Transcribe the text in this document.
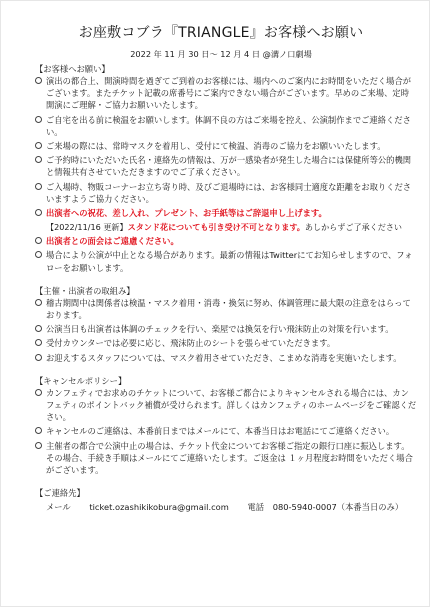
お座敷コブラ『TRIANGLE』お客様へお願い
2022 年 11 月 30 日～ 12 月 4 日 @溝ノ口劇場
【お客様へお願い】
演出の都合上、開演時間を過ぎてご到着のお客様には、場内へのご案内にお時間をいただく場合がございます。またチケット記載の席番号にご案内できない場合がございます。早めのご来場、定時開演にご理解・ご協力お願いいたします。
ご自宅を出る前に検温をお願いします。体調不良の方はご来場を控え、公演制作までご連絡ください。
ご来場の際には、常時マスクを着用し、受付にて検温、消毒のご協力をお願いいたします。
ご予約時にいただいた氏名・連絡先の情報は、万が一感染者が発生した場合には保健所等公的機関と情報共有させていただきますのでご了承ください。
ご入場時、物販コーナーお立ち寄り時、及びご退場時には、お客様同士適度な距離をお取りくださいますようご協力ください。
出演者への祝花、差し入れ、プレゼント、お手紙等はご辞退申し上げます。
【2022/11/16 更新】スタンド花についても引き受け不可となります。あしからずご了承ください
出演者との面会はご遠慮ください。
場合により公演が中止となる場合があります。最新の情報はTwitterにてお知らせしますので、フォローをお願いします。
【主催・出演者の取組み】
稽古期間中は関係者は検温・マスク着用・消毒・換気に努め、体調管理に最大限の注意をはらっております。
公演当日も出演者は体調のチェックを行い、楽屋では換気を行い飛沫防止の対策を行います。
受付カウンターでは必要に応じ、飛沫防止のシートを張らせていただきます。
お迎えするスタッフについては、マスク着用させていただき、こまめな消毒を実施いたします。
【キャンセルポリシー】
カンフェティでお求めのチケットについて、お客様ご都合によりキャンセルされる場合には、カンフェティのポイントバック補償が受けられます。詳しくはカンフェティのホームページをご確認ください。
キャンセルのご連絡は、本番前日まではメールにて、本番当日はお電話にてご連絡ください。
主催者の都合で公演中止の場合は、チケット代金についてお客様ご指定の銀行口座に振込します。その場合、手続き手順はメールにてご連絡いたします。ご返金は １ヶ月程度お時間をいただく場合がございます。
【ご連絡先】
メール ticket.ozashikikobura@gmail.com 電話 080-5940-0007（本番当日のみ）
